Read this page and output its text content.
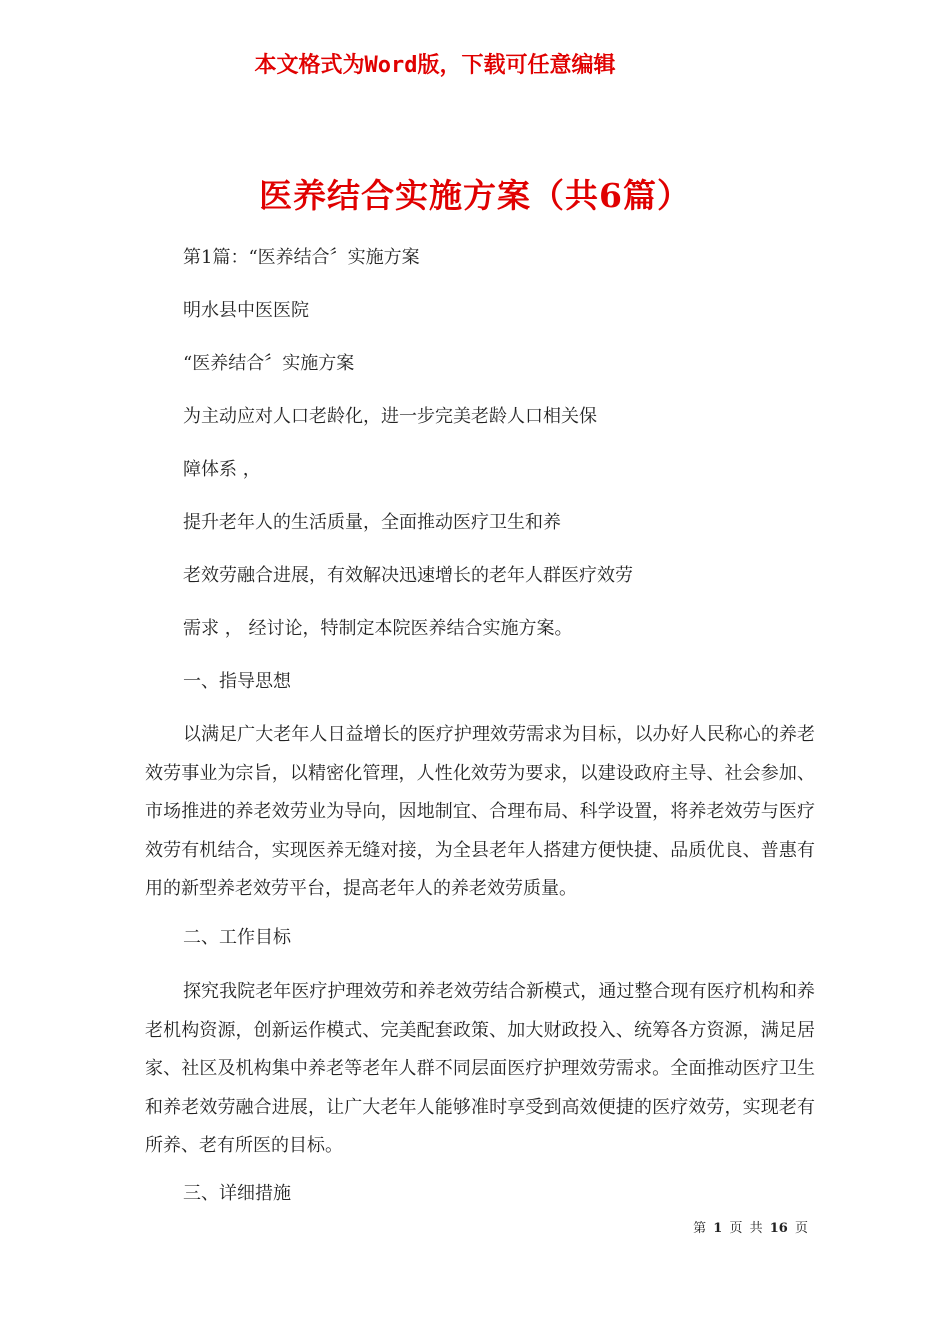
本文格式为Word版，下载可任意编辑
医养结合实施方案（共6篇）
第1篇：“医养结合〞实施方案
明水县中医医院
“医养结合〞实施方案
为主动应对人口老龄化，进一步完美老龄人口相关保
障体系 ，
提升老年人的生活质量，全面推动医疗卫生和养
老效劳融合进展，有效解决迅速增长的老年人群医疗效劳
需求 ， 经讨论，特制定本院医养结合实施方案。
一、指导思想
以满足广大老年人日益增长的医疗护理效劳需求为目标，以办好人民称心的养老效劳事业为宗旨，以精密化管理，人性化效劳为要求，以建设政府主导、社会参加、市场推进的养老效劳业为导向，因地制宜、合理布局、科学设置，将养老效劳与医疗效劳有机结合，实现医养无缝对接，为全县老年人搭建方便快捷、品质优良、普惠有用的新型养老效劳平台，提高老年人的养老效劳质量。
二、工作目标
探究我院老年医疗护理效劳和养老效劳结合新模式，通过整合现有医疗机构和养老机构资源，创新运作模式、完美配套政策、加大财政投入、统筹各方资源，满足居家、社区及机构集中养老等老年人群不同层面医疗护理效劳需求。全面推动医疗卫生和养老效劳融合进展，让广大老年人能够准时享受到高效便捷的医疗效劳，实现老有所养、老有所医的目标。
三、详细措施
第 1 页 共 16 页
